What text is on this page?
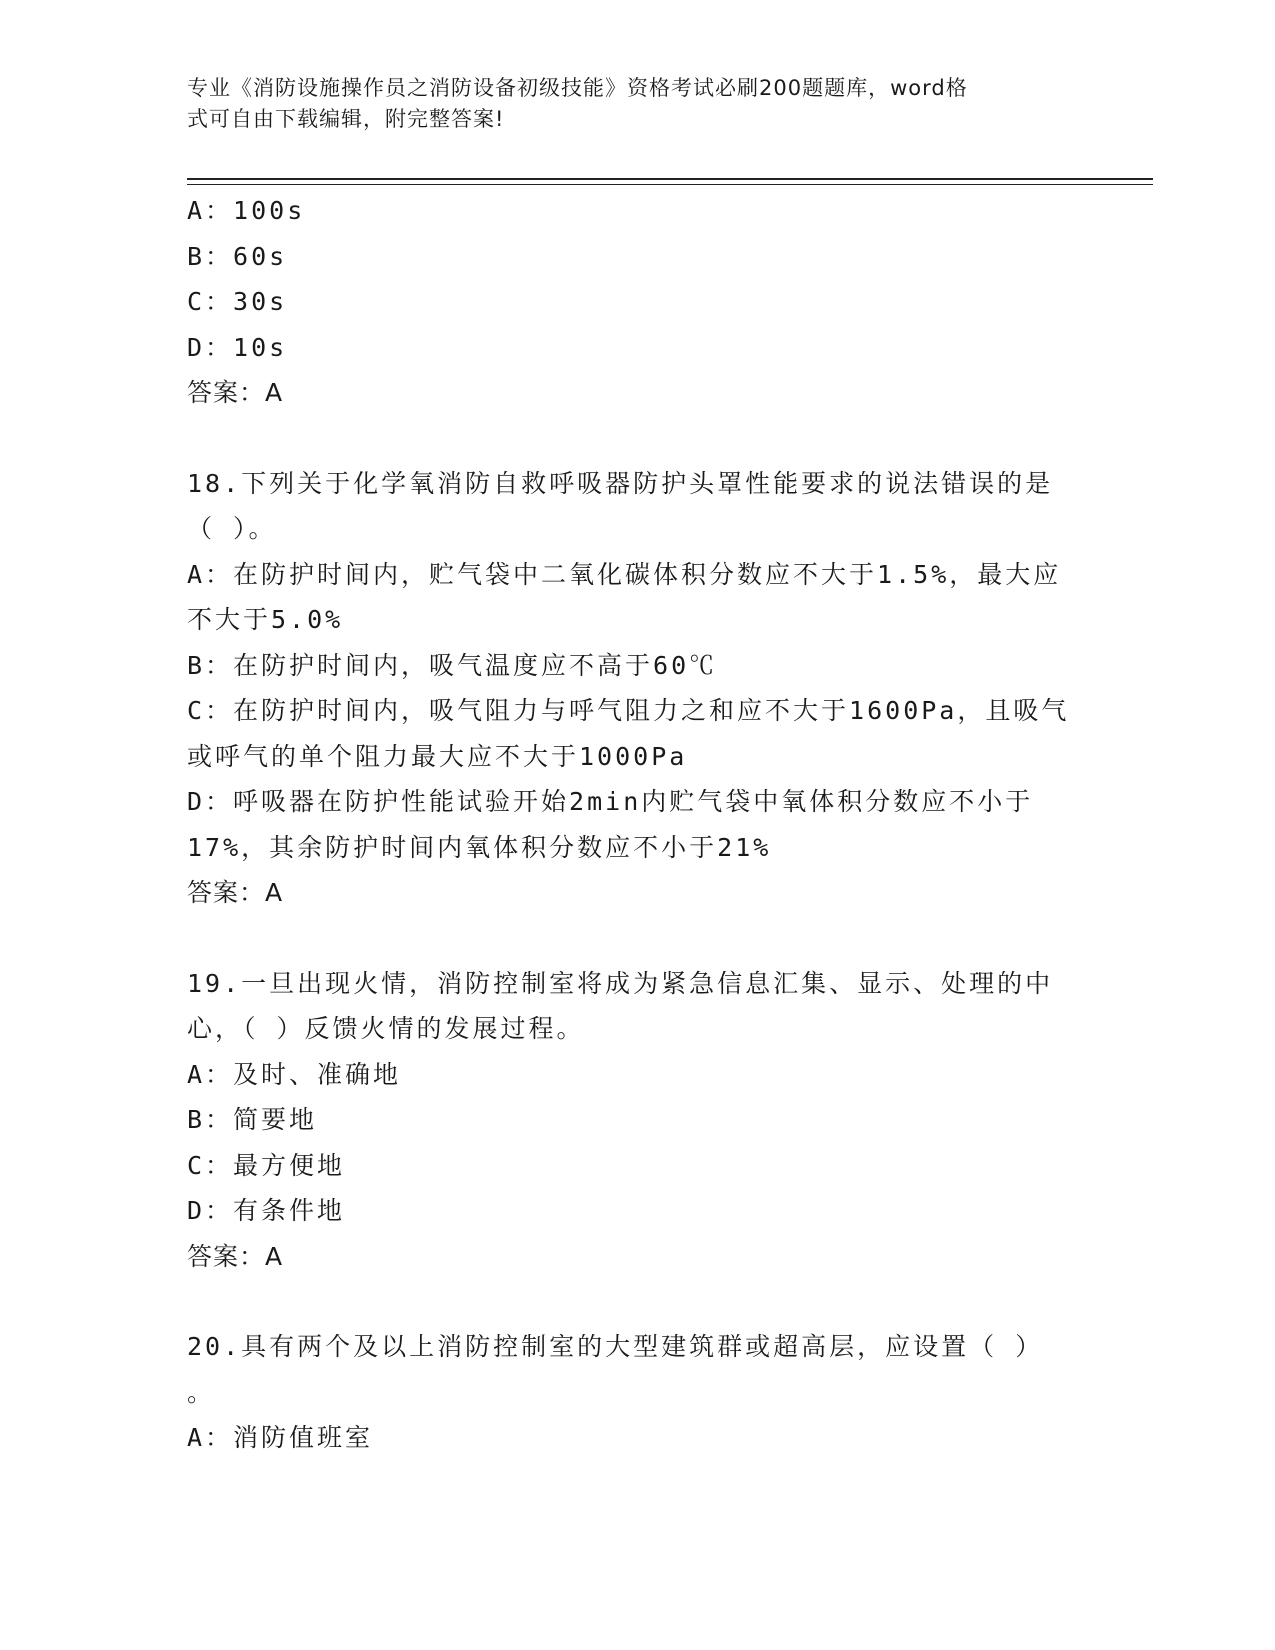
专业《消防设施操作员之消防设备初级技能》资格考试必刷200题题库，word格
式可自由下载编辑，附完整答案!
A：100s
B：60s
C：30s
D：10s
答案：A
18.下列关于化学氧消防自救呼吸器防护头罩性能要求的说法错误的是
（ ）。
A：在防护时间内，贮气袋中二氧化碳体积分数应不大于1.5%，最大应
不大于5.0%
B：在防护时间内，吸气温度应不高于60℃
C：在防护时间内，吸气阻力与呼气阻力之和应不大于1600Pa，且吸气
或呼气的单个阻力最大应不大于1000Pa
D：呼吸器在防护性能试验开始2min内贮气袋中氧体积分数应不小于
17%，其余防护时间内氧体积分数应不小于21%
答案：A
19.一旦出现火情，消防控制室将成为紧急信息汇集、显示、处理的中
心，（ ）反馈火情的发展过程。
A：及时、准确地
B：简要地
C：最方便地
D：有条件地
答案：A
20.具有两个及以上消防控制室的大型建筑群或超高层，应设置（ ）
。
A：消防值班室
